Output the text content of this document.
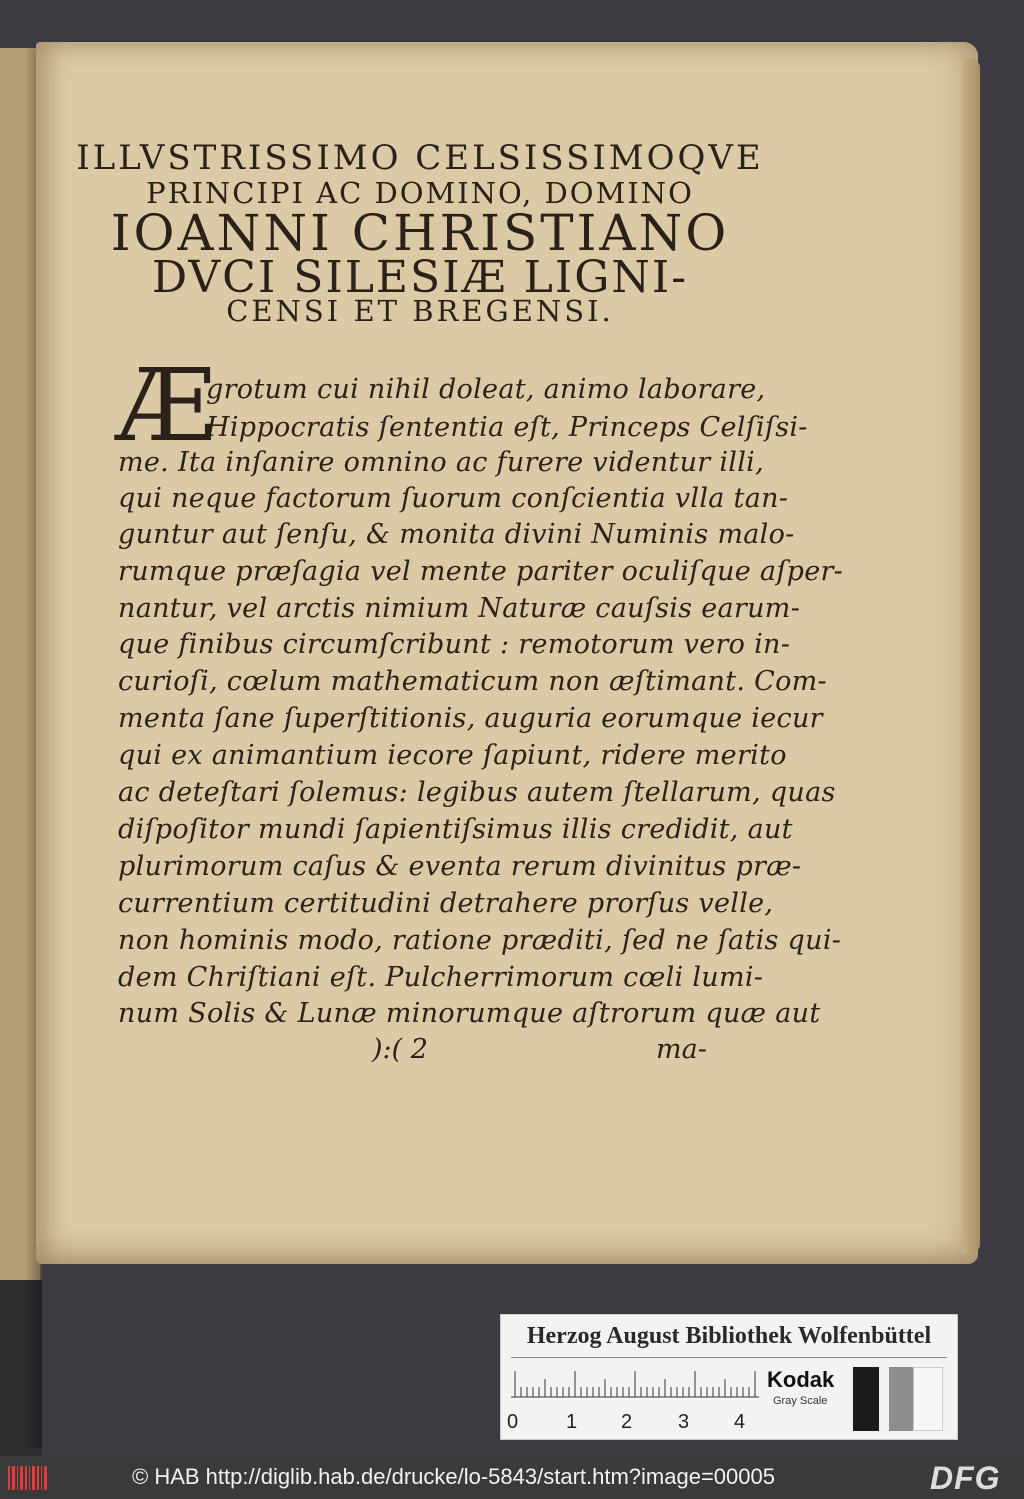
ILLVSTRISSIMO CELSISSIMOQVE
PRINCIPI AC DOMINO, DOMINO
IOANNI CHRISTIANO
DVCI SILESIÆ LIGNI-
CENSI ET BREGENSI.
Æ
grotum cui nihil doleat, animo laborare,
Hippocratis ſententia eſt, Princeps Celſiſsi-
me. Ita inſanire omnino ac furere videntur illi,
qui neque factorum ſuorum conſcientia vlla tan-
guntur aut ſenſu, & monita divini Numinis malo-
rumque præſagia vel mente pariter oculiſque aſper-
nantur, vel arctis nimium Naturæ cauſsis earum-
que finibus circumſcribunt : remotorum vero in-
curioſi, cœlum mathematicum non æſtimant. Com-
menta ſane ſuperſtitionis, auguria eorumque iecur
qui ex animantium iecore ſapiunt, ridere merito
ac deteſtari ſolemus: legibus autem ſtellarum, quas
diſpoſitor mundi ſapientiſsimus illis credidit, aut
plurimorum caſus & eventa rerum divinitus præ-
currentium certitudini detrahere prorſus velle,
non hominis modo, ratione præditi, ſed ne ſatis qui-
dem Chriſtiani eſt. Pulcherrimorum cœli lumi-
num Solis & Lunæ minorumque aſtrorum quæ aut
):( 2	ma-
Herzog August Bibliothek Wolfenbüttel
0 1 2 3 4
Kodak
Gray Scale
© HAB http://diglib.hab.de/drucke/lo-5843/start.htm?image=00005	DFG
